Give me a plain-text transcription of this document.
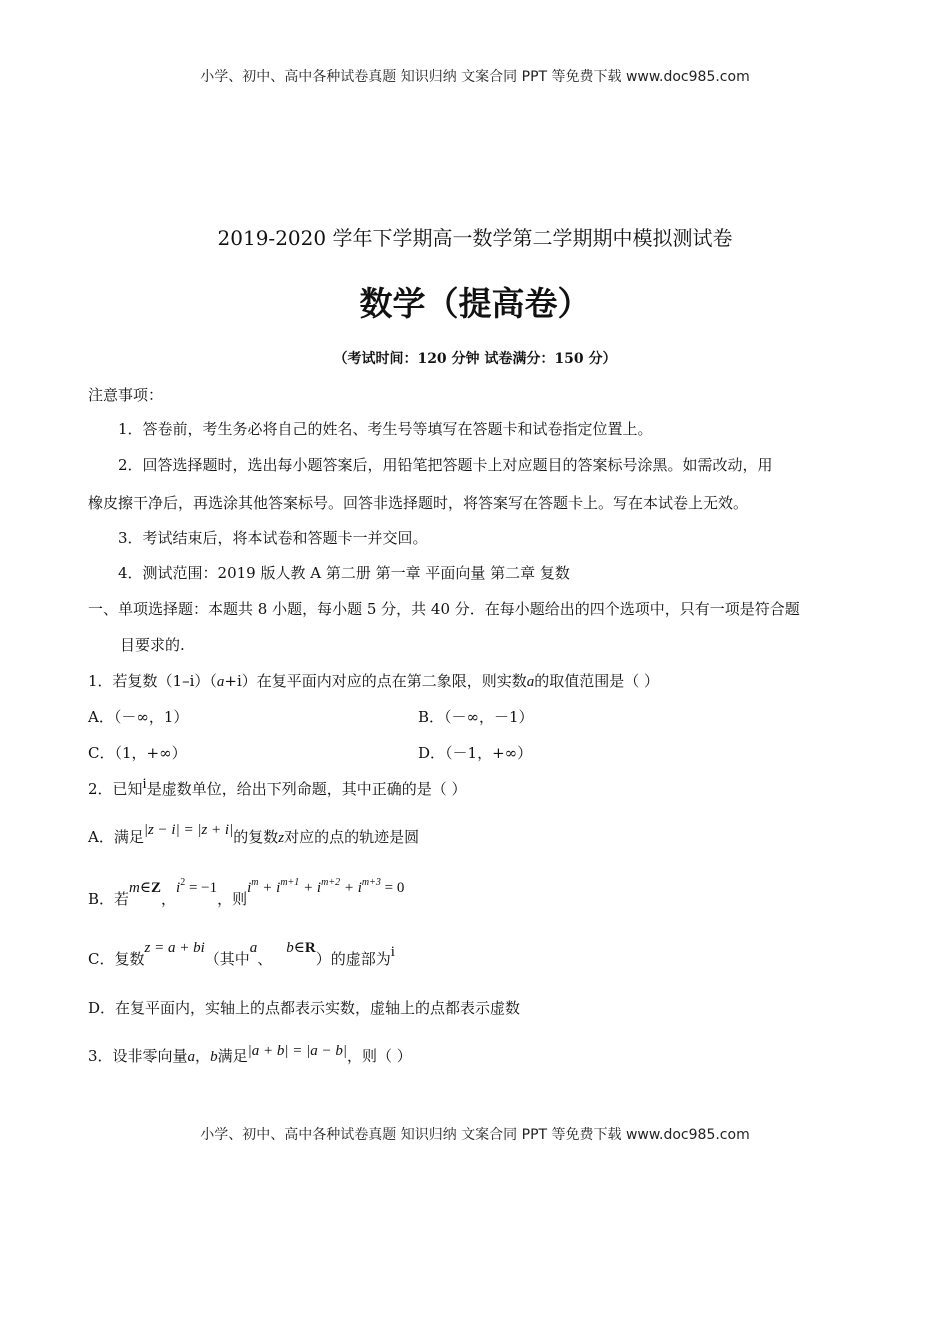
小学、初中、高中各种试卷真题 知识归纳 文案合同 PPT 等免费下载 www.doc985.com
2019-2020 学年下学期高一数学第二学期期中模拟测试卷
数学（提高卷）
（考试时间：120 分钟 试卷满分：150 分）
注意事项：
1．答卷前，考生务必将自己的姓名、考生号等填写在答题卡和试卷指定位置上。
2．回答选择题时，选出每小题答案后，用铅笔把答题卡上对应题目的答案标号涂黑。如需改动，用
橡皮擦干净后，再选涂其他答案标号。回答非选择题时，将答案写在答题卡上。写在本试卷上无效。
3．考试结束后，将本试卷和答题卡一并交回。
4．测试范围：2019 版人教 A 第二册 第一章 平面向量 第二章 复数
一、单项选择题：本题共 8 小题，每小题 5 分，共 40 分．在每小题给出的四个选项中，只有一项是符合题
目要求的.
1．若复数（1–i）（a+i）在复平面内对应的点在第二象限，则实数a的取值范围是（ ）
A．（－∞，1）	B．（－∞，－1）
C．（1，+∞）	D．（－1，+∞）
2．已知i是虚数单位，给出下列命题，其中正确的是（ ）
A．满足|z − i| = |z + i|的复数z对应的点的轨迹是圆
B．若m∈Z，$i^2 = -1$，则$i^m + i^{m+1} + i^{m+2} + i^{m+3} = 0$
C．复数z = a + bi（其中a、b∈R）的虚部为i
D．在复平面内，实轴上的点都表示实数，虚轴上的点都表示虚数
3．设非零向量a，b满足|a + b| = |a − b|，则（ ）
小学、初中、高中各种试卷真题 知识归纳 文案合同 PPT 等免费下载 www.doc985.com
